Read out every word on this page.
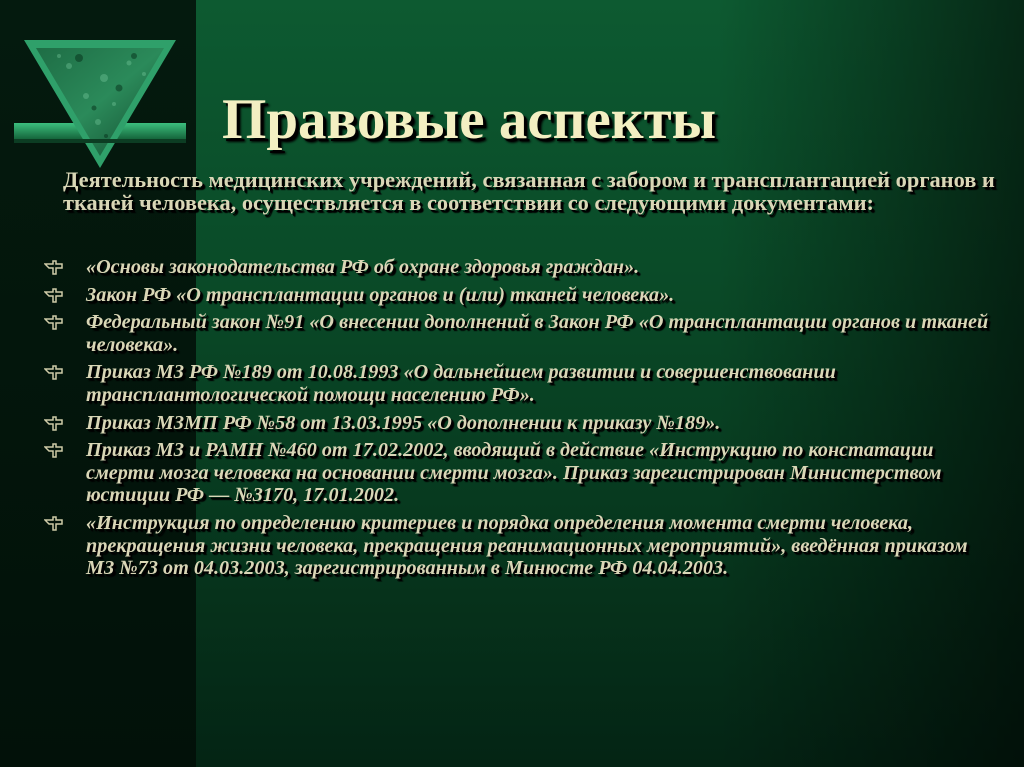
Правовые аспекты

Деятельность медицинских учреждений, связанная с забором и трансплантацией органов и тканей человека, осуществляется в соответствии со следующими документами:

«Основы законодательства РФ об охране здоровья граждан».
Закон РФ «О трансплантации органов и (или) тканей человека».
Федеральный закон №91 «О внесении дополнений в Закон РФ «О трансплантации органов и тканей человека».
Приказ МЗ РФ №189 от 10.08.1993 «О дальнейшем развитии и совершенствовании трансплантологической помощи населению РФ».
Приказ МЗМП РФ №58 от 13.03.1995 «О дополнении к приказу №189».
Приказ МЗ и РАМН №460 от 17.02.2002, вводящий в действие «Инструкцию по констатации смерти мозга человека на основании смерти мозга». Приказ зарегистрирован Министерством юстиции РФ — №3170, 17.01.2002.
«Инструкция по определению критериев и порядка определения момента смерти человека, прекращения жизни человека, прекращения реанимационных мероприятий», введённая приказом МЗ №73 от 04.03.2003, зарегистрированным в Минюсте РФ 04.04.2003.
